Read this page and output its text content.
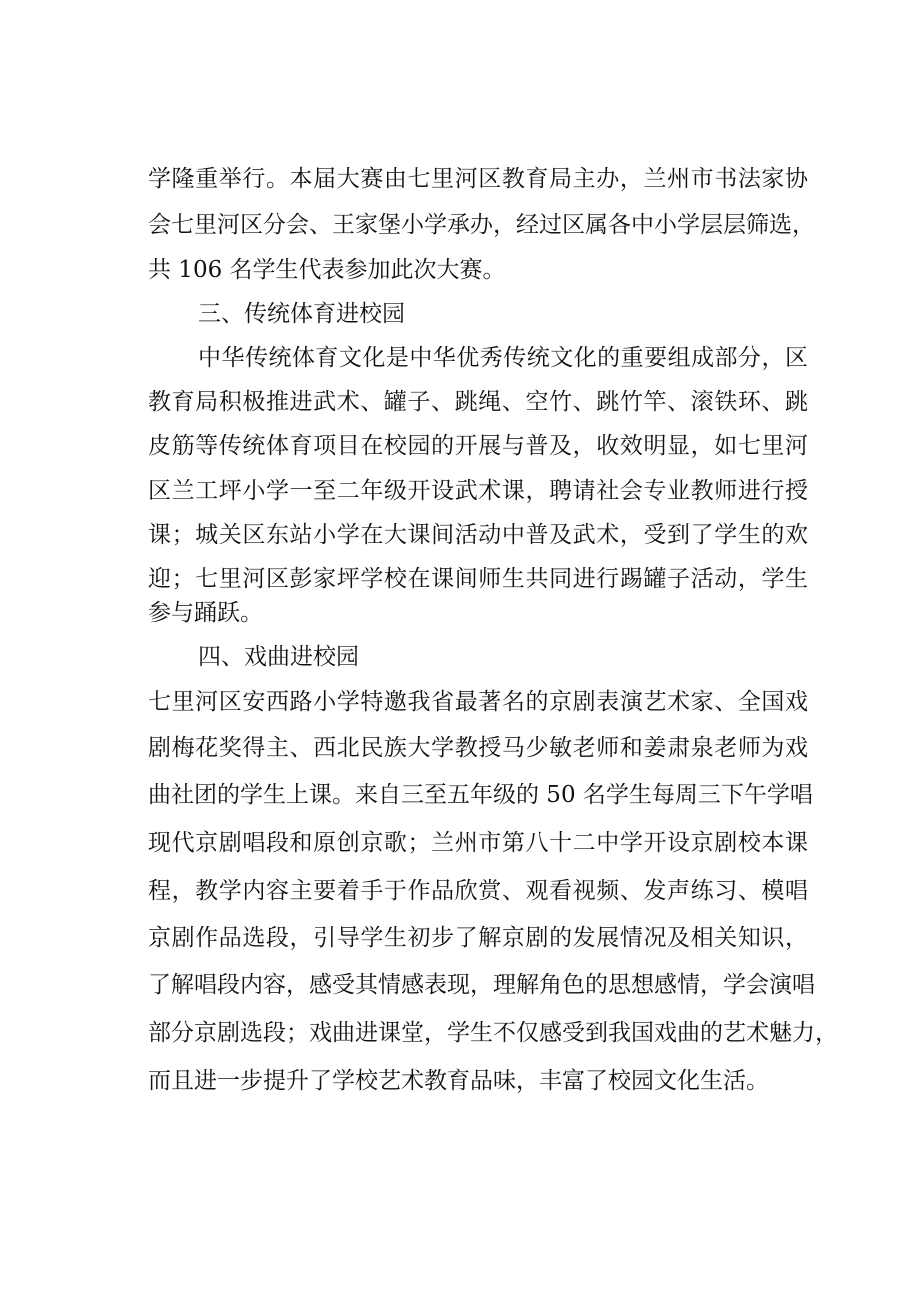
学隆重举行。本届大赛由七里河区教育局主办，兰州市书法家协
会七里河区分会、王家堡小学承办，经过区属各中小学层层筛选，
共 106 名学生代表参加此次大赛。
三、传统体育进校园
中华传统体育文化是中华优秀传统文化的重要组成部分，区
教育局积极推进武术、罐子、跳绳、空竹、跳竹竿、滚铁环、跳
皮筋等传统体育项目在校园的开展与普及，收效明显，如七里河
区兰工坪小学一至二年级开设武术课，聘请社会专业教师进行授
课；城关区东站小学在大课间活动中普及武术，受到了学生的欢
迎；七里河区彭家坪学校在课间师生共同进行踢罐子活动，学生
参与踊跃。
四、戏曲进校园
七里河区安西路小学特邀我省最著名的京剧表演艺术家、全国戏
剧梅花奖得主、西北民族大学教授马少敏老师和姜肃泉老师为戏
曲社团的学生上课。来自三至五年级的 50 名学生每周三下午学唱
现代京剧唱段和原创京歌；兰州市第八十二中学开设京剧校本课
程，教学内容主要着手于作品欣赏、观看视频、发声练习、模唱
京剧作品选段，引导学生初步了解京剧的发展情况及相关知识，
了解唱段内容，感受其情感表现，理解角色的思想感情，学会演唱
部分京剧选段；戏曲进课堂，学生不仅感受到我国戏曲的艺术魅力，
而且进一步提升了学校艺术教育品味，丰富了校园文化生活。
